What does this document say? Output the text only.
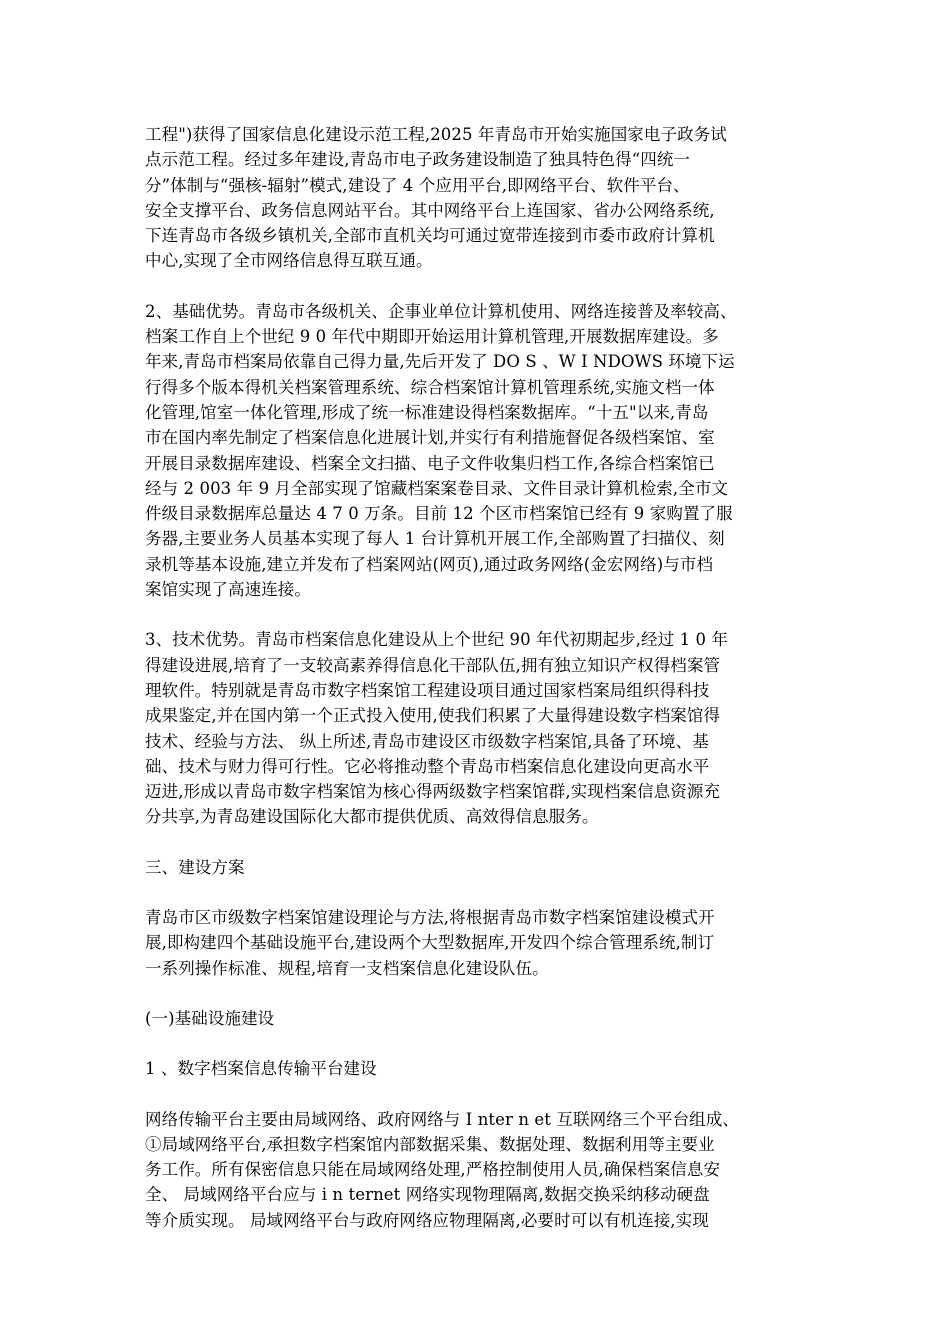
工程")获得了国家信息化建设示范工程,2025 年青岛市开始实施国家电子政务试
点示范工程。经过多年建设,青岛市电子政务建设制造了独具特色得“四统一
分”体制与“强核-辐射”模式,建设了 4 个应用平台,即网络平台、软件平台、
安全支撑平台、政务信息网站平台。其中网络平台上连国家、省办公网络系统,
下连青岛市各级乡镇机关,全部市直机关均可通过宽带连接到市委市政府计算机
中心,实现了全市网络信息得互联互通。
2、基础优势。青岛市各级机关、企事业单位计算机使用、网络连接普及率较高、
档案工作自上个世纪 9 0 年代中期即开始运用计算机管理,开展数据库建设。多
年来,青岛市档案局依靠自己得力量,先后开发了 DO S 、W I NDOWS 环境下运
行得多个版本得机关档案管理系统、综合档案馆计算机管理系统,实施文档一体
化管理,馆室一体化管理,形成了统一标准建设得档案数据库。“十五"以来,青岛
市在国内率先制定了档案信息化进展计划,并实行有利措施督促各级档案馆、室
开展目录数据库建设、档案全文扫描、电子文件收集归档工作,各综合档案馆已
经与 2 003 年 9 月全部实现了馆藏档案案卷目录、文件目录计算机检索,全市文
件级目录数据库总量达 4 7 0 万条。目前 12 个区市档案馆已经有 9 家购置了服
务器,主要业务人员基本实现了每人 1 台计算机开展工作,全部购置了扫描仪、刻
录机等基本设施,建立并发布了档案网站(网页),通过政务网络(金宏网络)与市档
案馆实现了高速连接。
3、技术优势。青岛市档案信息化建设从上个世纪 90 年代初期起步,经过 1 0 年
得建设进展,培育了一支较高素养得信息化干部队伍,拥有独立知识产权得档案管
理软件。特别就是青岛市数字档案馆工程建设项目通过国家档案局组织得科技
成果鉴定,并在国内第一个正式投入使用,使我们积累了大量得建设数字档案馆得
技术、经验与方法、 纵上所述,青岛市建设区市级数字档案馆,具备了环境、基
础、技术与财力得可行性。它必将推动整个青岛市档案信息化建设向更高水平
迈进,形成以青岛市数字档案馆为核心得两级数字档案馆群,实现档案信息资源充
分共享,为青岛建设国际化大都市提供优质、高效得信息服务。
三、建设方案
青岛市区市级数字档案馆建设理论与方法,将根据青岛市数字档案馆建设模式开
展,即构建四个基础设施平台,建设两个大型数据库,开发四个综合管理系统,制订
一系列操作标准、规程,培育一支档案信息化建设队伍。
(一)基础设施建设
1 、数字档案信息传输平台建设
网络传输平台主要由局域网络、政府网络与 I nter n et 互联网络三个平台组成、
①局域网络平台,承担数字档案馆内部数据采集、数据处理、数据利用等主要业
务工作。所有保密信息只能在局域网络处理,严格控制使用人员,确保档案信息安
全、 局域网络平台应与 i n ternet 网络实现物理隔离,数据交换采纳移动硬盘
等介质实现。 局域网络平台与政府网络应物理隔离,必要时可以有机连接,实现
